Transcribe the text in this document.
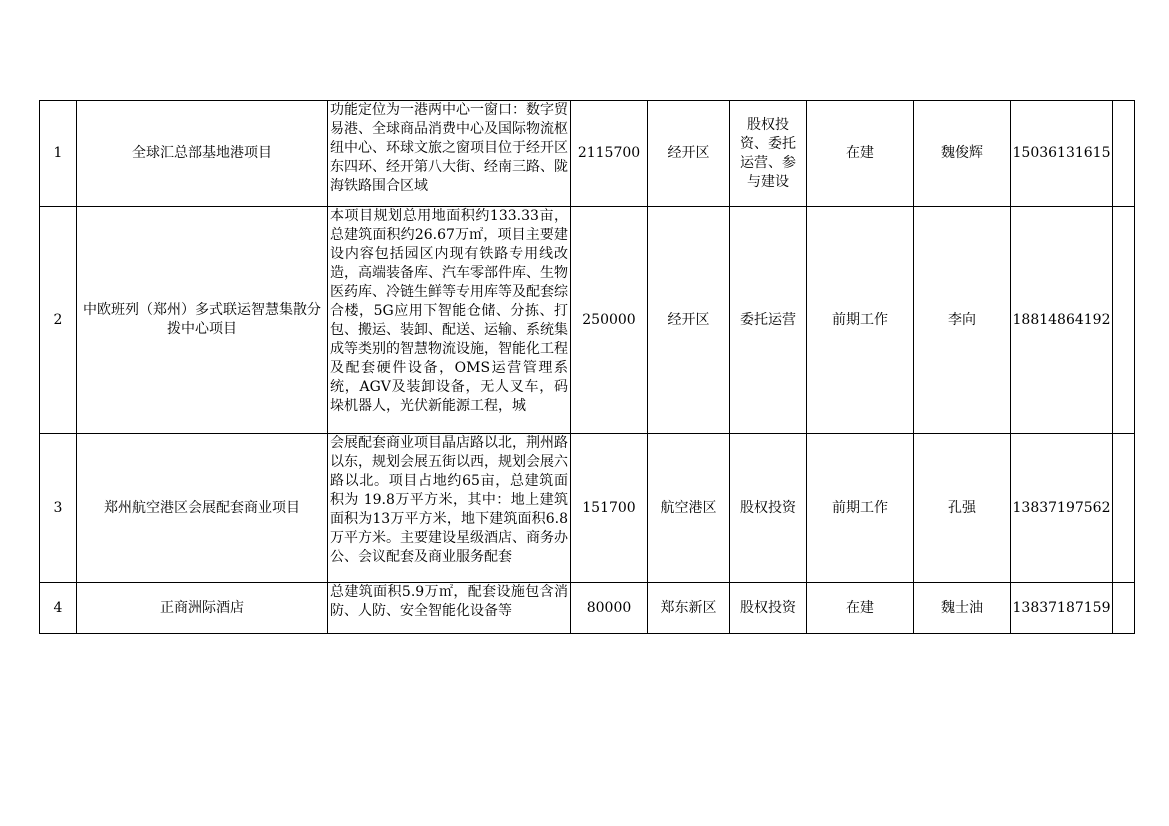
1	全球汇总部基地港项目	功能定位为一港两中心一窗口：数字贸易港、全球商品消费中心及国际物流枢纽中心、环球文旅之窗项目位于经开区东四环、经开第八大街、经南三路、陇海铁路围合区域	2115700	经开区	股权投资、委托运营、参与建设	在建	魏俊辉	15036131615	
2	中欧班列（郑州）多式联运智慧集散分拨中心项目	本项目规划总用地面积约133.33亩，总建筑面积约26.67万㎡，项目主要建设内容包括园区内现有铁路专用线改造，高端装备库、汽车零部件库、生物医药库、冷链生鲜等专用库等及配套综合楼，5G应用下智能仓储、分拣、打包、搬运、装卸、配送、运输、系统集成等类别的智慧物流设施，智能化工程及配套硬件设备，OMS运营管理系统，AGV及装卸设备，无人叉车，码垛机器人，光伏新能源工程，城	250000	经开区	委托运营	前期工作	李向	18814864192	
3	郑州航空港区会展配套商业项目	会展配套商业项目晶店路以北，荆州路以东，规划会展五街以西，规划会展六路以北。项目占地约65亩，总建筑面积为 19.8万平方米，其中：地上建筑面积为13万平方米，地下建筑面积6.8万平方米。主要建设星级酒店、商务办公、会议配套及商业服务配套	151700	航空港区	股权投资	前期工作	孔强	13837197562	
4	正商洲际酒店	总建筑面积5.9万㎡，配套设施包含消防、人防、安全智能化设备等	80000	郑东新区	股权投资	在建	魏士油	13837187159	
